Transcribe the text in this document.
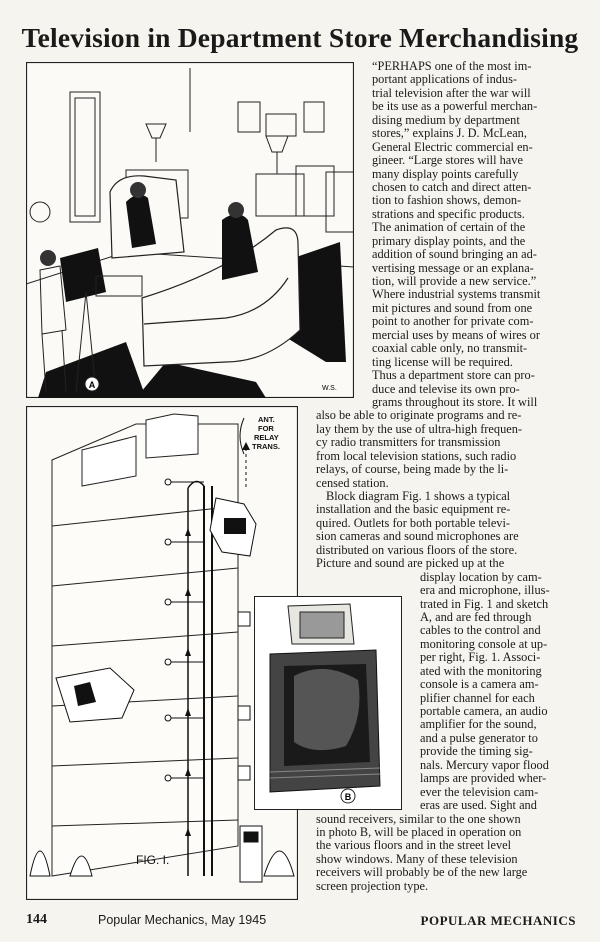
Television in Department Store Merchandising
A	W.S.
ANT. FOR RELAY TRANS.
FIG. I.
B
“PERHAPS one of the most im-
portant applications of indus-
trial television after the war will
be its use as a powerful merchan-
dising medium by department
stores,” explains J. D. McLean,
General Electric commercial en-
gineer. “Large stores will have
many display points carefully
chosen to catch and direct atten-
tion to fashion shows, demon-
strations and specific products.
The animation of certain of the
primary display points, and the
addition of sound bringing an ad-
vertising message or an explana-
tion, will provide a new service.”
Where industrial systems transmit
mit pictures and sound from one
point to another for private com-
mercial uses by means of wires or
coaxial cable only, no transmit-
ting license will be required.
Thus a department store can pro-
duce and televise its own pro-
grams throughout its store. It will
also be able to originate programs and re-
lay them by the use of ultra-high frequen-
cy radio transmitters for transmission
from local television stations, such radio
relays, of course, being made by the li-
censed station.
Block diagram Fig. 1 shows a typical
installation and the basic equipment re-
quired. Outlets for both portable televi-
sion cameras and sound microphones are
distributed on various floors of the store.
Picture and sound are picked up at the
display location by cam-
era and microphone, illus-
trated in Fig. 1 and sketch
A, and are fed through
cables to the control and
monitoring console at up-
per right, Fig. 1. Associ-
ated with the monitoring
console is a camera am-
plifier channel for each
portable camera, an audio
amplifier for the sound,
and a pulse generator to
provide the timing sig-
nals. Mercury vapor flood
lamps are provided wher-
ever the television cam-
eras are used. Sight and
sound receivers, similar to the one shown
in photo B, will be placed in operation on
the various floors and in the street level
show windows. Many of these television
receivers will probably be of the new large
screen projection type.
144	Popular Mechanics, May 1945	POPULAR MECHANICS
